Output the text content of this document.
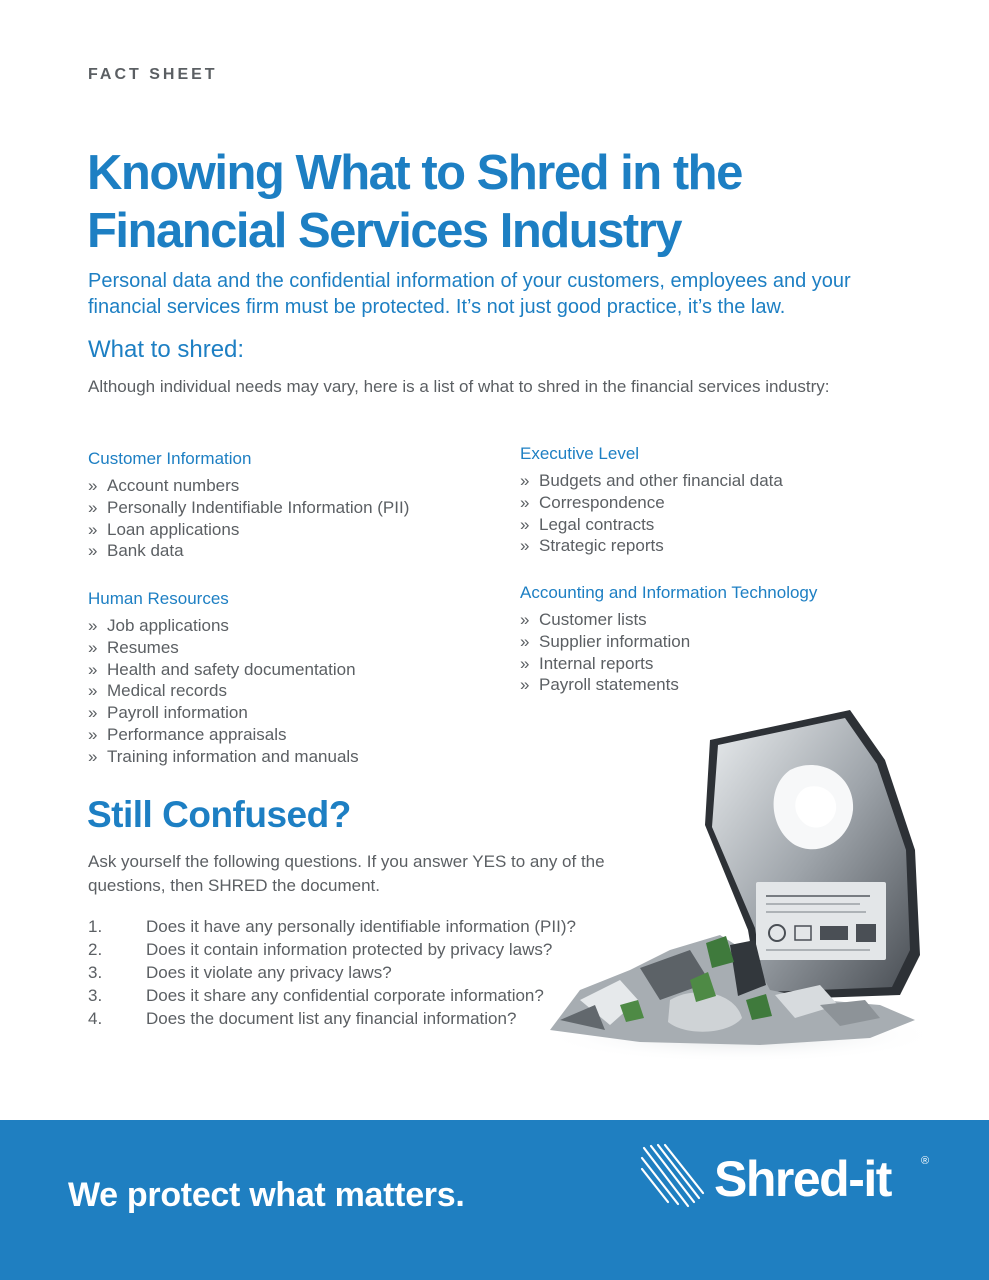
FACT SHEET
Knowing What to Shred in the
Financial Services Industry

Personal data and the confidential information of your customers, employees and your financial services firm must be protected. It’s not just good practice, it’s the law.

What to shred:

Although individual needs may vary, here is a list of what to shred in the financial services industry:

Customer Information
» Account numbers
» Personally Indentifiable Information (PII)
» Loan applications
» Bank data
Human Resources
» Job applications
» Resumes
» Health and safety documentation
» Medical records
» Payroll information
» Performance appraisals
» Training information and manuals
Executive Level
» Budgets and other financial data
» Correspondence
» Legal contracts
» Strategic reports
Accounting and Information Technology
» Customer lists
» Supplier information
» Internal reports
» Payroll statements
Still Confused?

Ask yourself the following questions. If you answer YES to any of the questions, then SHRED the document.

1.	Does it have any personally identifiable information (PII)?
2.	Does it contain information protected by privacy laws?
3.	Does it violate any privacy laws?
3.	Does it share any confidential corporate information?
4.	Does the document list any financial information?
We protect what matters.	Shred-it	®
